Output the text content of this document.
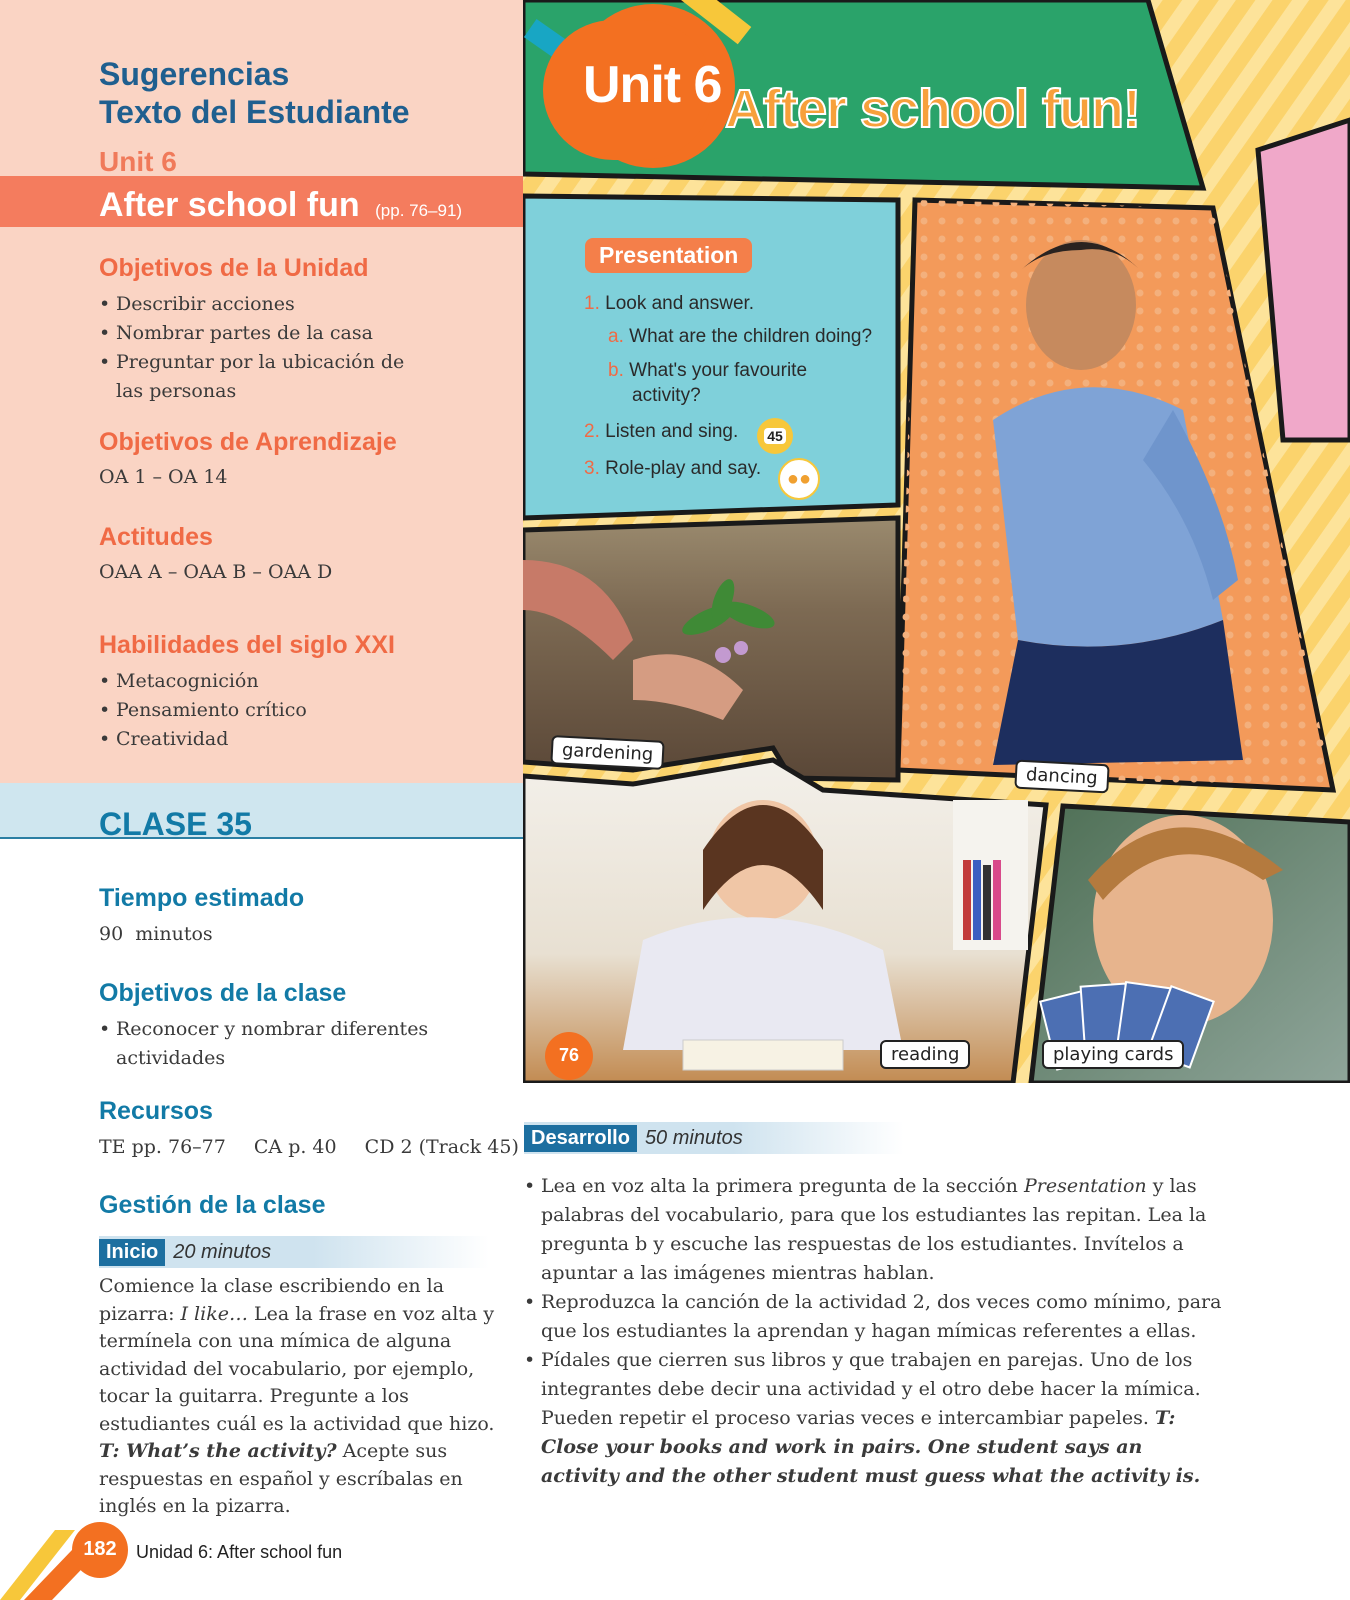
Sugerencias
Texto del Estudiante
Unit 6
After school fun (pp. 76–91)
Objetivos de la Unidad
• Describir acciones
• Nombrar partes de la casa
• Preguntar por la ubicación de las personas
Objetivos de Aprendizaje
OA 1 – OA 14
Actitudes
OAA A – OAA B – OAA D
Habilidades del siglo XXI
• Metacognición
• Pensamiento crítico
• Creatividad
CLASE 35
Tiempo estimado
90  minutos
Objetivos de la clase
• Reconocer y nombrar diferentes actividades
Recursos
TE pp. 76–77 CA p. 40 CD 2 (Track 45)
Gestión de la clase
Inicio 20 minutos
Comience la clase escribiendo en la pizarra: I like… Lea la frase en voz alta y termínela con una mímica de alguna actividad del vocabulario, por ejemplo, tocar la guitarra. Pregunte a los estudiantes cuál es la actividad que hizo. T: What’s the activity? Acepte sus respuestas en español y escríbalas en inglés en la pizarra.
182 Unidad 6: After school fun
Unit 6 After school fun!
Presentation
1. Look and answer.
a. What are the children doing?
b. What's your favourite
activity?
2. Listen and sing.
3. Role-play and say.
45
●●
gardening
dancing
reading	playing cards
76
Desarrollo 50 minutos
• Lea en voz alta la primera pregunta de la sección Presentation y las palabras del vocabulario, para que los estudiantes las repitan. Lea la pregunta b y escuche las respuestas de los estudiantes. Invítelos a apuntar a las imágenes mientras hablan.
• Reproduzca la canción de la actividad 2, dos veces como mínimo, para que los estudiantes la aprendan y hagan mímicas referentes a ellas.
• Pídales que cierren sus libros y que trabajen en parejas. Uno de los integrantes debe decir una actividad y el otro debe hacer la mímica. Pueden repetir el proceso varias veces e intercambiar papeles. T: Close your books and work in pairs. One student says an activity and the other student must guess what the activity is.
